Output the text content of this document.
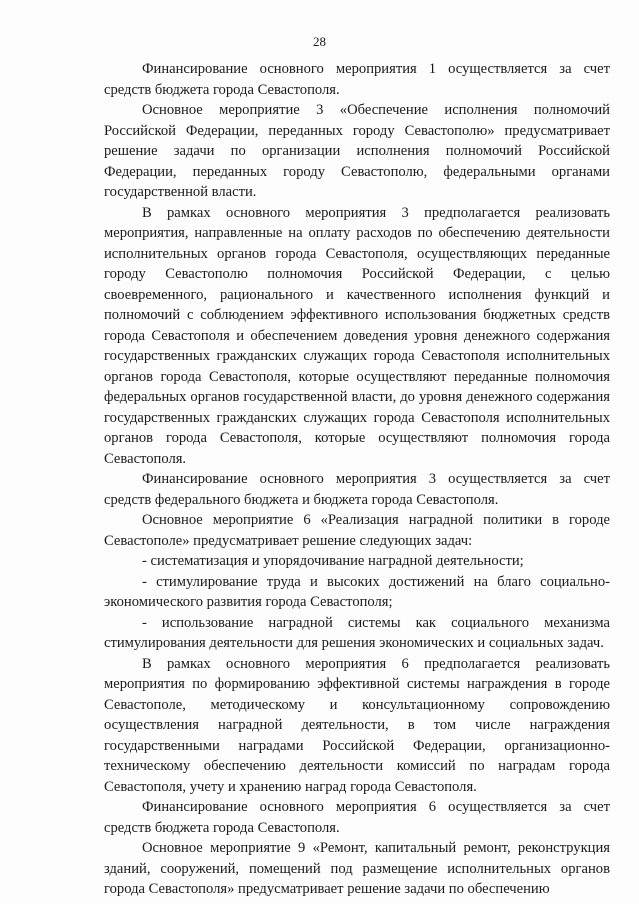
28

Финансирование основного мероприятия 1 осуществляется за счет средств бюджета города Севастополя.

Основное мероприятие 3 «Обеспечение исполнения полномочий Российской Федерации, переданных городу Севастополю» предусматривает решение задачи по организации исполнения полномочий Российской Федерации, переданных городу Севастополю, федеральными органами государственной власти.

В рамках основного мероприятия 3 предполагается реализовать мероприятия, направленные на оплату расходов по обеспечению деятельности исполнительных органов города Севастополя, осуществляющих переданные городу Севастополю полномочия Российской Федерации, с целью своевременного, рационального и качественного исполнения функций и полномочий с соблюдением эффективного использования бюджетных средств города Севастополя и обеспечением доведения уровня денежного содержания государственных гражданских служащих города Севастополя исполнительных органов города Севастополя, которые осуществляют переданные полномочия федеральных органов государственной власти, до уровня денежного содержания государственных гражданских служащих города Севастополя исполнительных органов города Севастополя, которые осуществляют полномочия города Севастополя.

Финансирование основного мероприятия 3 осуществляется за счет средств федерального бюджета и бюджета города Севастополя.

Основное мероприятие 6 «Реализация наградной политики в городе Севастополе» предусматривает решение следующих задач:

- систематизация и упорядочивание наградной деятельности;

- стимулирование труда и высоких достижений на благо социально-экономического развития города Севастополя;

- использование наградной системы как социального механизма стимулирования деятельности для решения экономических и социальных задач.

В рамках основного мероприятия 6 предполагается реализовать мероприятия по формированию эффективной системы награждения в городе Севастополе, методическому и консультационному сопровождению осуществления наградной деятельности, в том числе награждения государственными наградами Российской Федерации, организационно-техническому обеспечению деятельности комиссий по наградам города Севастополя, учету и хранению наград города Севастополя.

Финансирование основного мероприятия 6 осуществляется за счет средств бюджета города Севастополя.

Основное мероприятие 9 «Ремонт, капитальный ремонт, реконструкция зданий, сооружений, помещений под размещение исполнительных органов города Севастополя» предусматривает решение задачи по обеспечению
